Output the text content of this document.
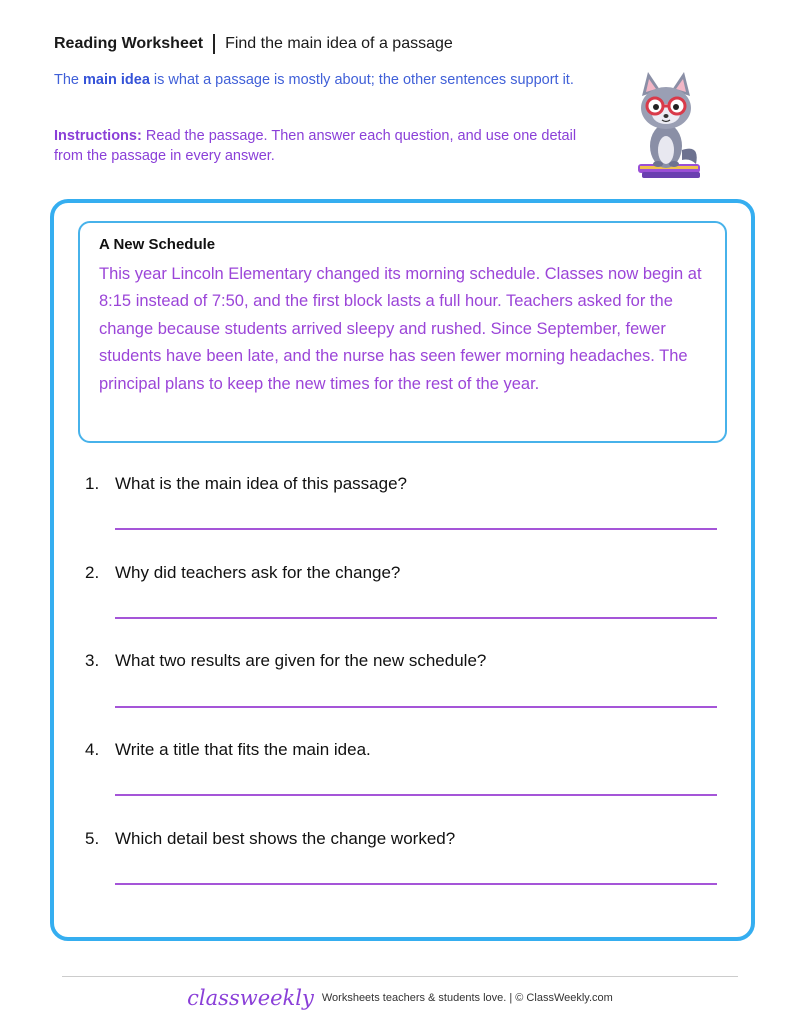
Reading Worksheet Find the main idea of a passage
The main idea is what a passage is mostly about; the other sentences support it.
Instructions: Read the passage. Then answer each question, and use one detail from the passage in every answer.
A New Schedule
This year Lincoln Elementary changed its morning schedule. Classes now begin at 8:15 instead of 7:50, and the first block lasts a full hour. Teachers asked for the change because students arrived sleepy and rushed. Since September, fewer students have been late, and the nurse has seen fewer morning headaches. The principal plans to keep the new times for the rest of the year.
1. What is the main idea of this passage?
2. Why did teachers ask for the change?
3. What two results are given for the new schedule?
4. Write a title that fits the main idea.
5. Which detail best shows the change worked?
classweekly Worksheets teachers & students love. | © ClassWeekly.com
